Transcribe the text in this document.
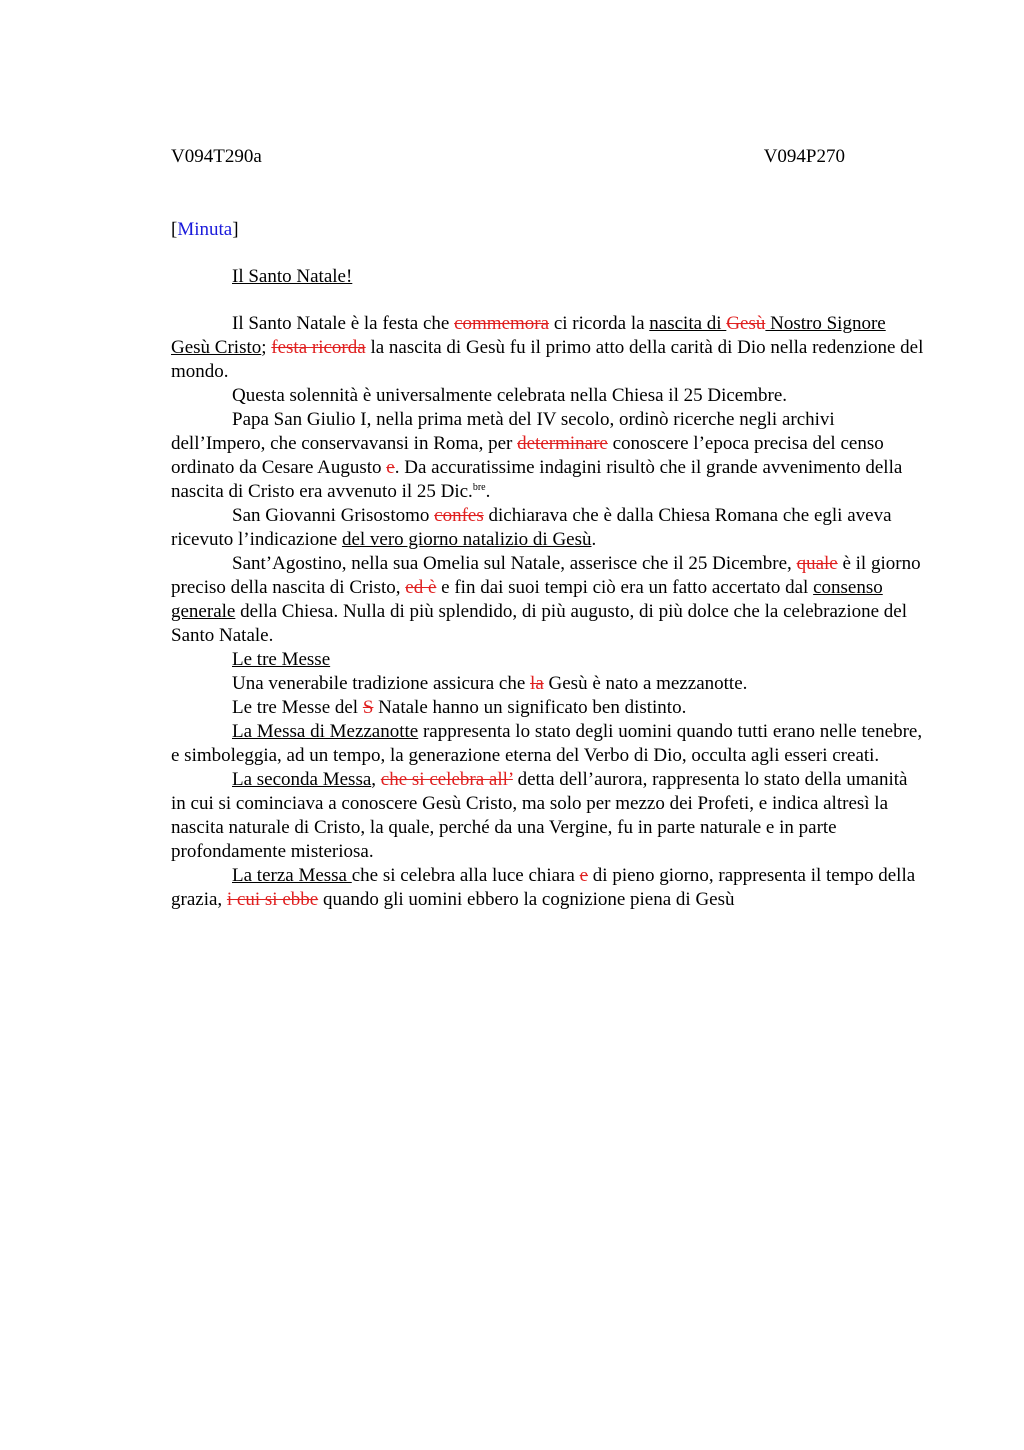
V094T290a	V094P270
[Minuta]
Il Santo Natale!

Il Santo Natale è la festa che commemora ci ricorda la nascita di Gesù Nostro Signore Gesù Cristo; festa ricorda la nascita di Gesù fu il primo atto della carità di Dio nella redenzione del mondo.

Questa solennità è universalmente celebrata nella Chiesa il 25 Dicembre.

Papa San Giulio I, nella prima metà del IV secolo, ordinò ricerche negli archivi dell’Impero, che conservavansi in Roma, per determinare conoscere l’epoca precisa del censo ordinato da Cesare Augusto e. Da accuratissime indagini risultò che il grande avvenimento della nascita di Cristo era avvenuto il 25 Dic.$^{bre}$.

San Giovanni Grisostomo confes dichiarava che è dalla Chiesa Romana che egli aveva ricevuto l’indicazione del vero giorno natalizio di Gesù.

Sant’Agostino, nella sua Omelia sul Natale, asserisce che il 25 Dicembre, quale è il giorno preciso della nascita di Cristo, ed è e fin dai suoi tempi ciò era un fatto accertato dal consenso generale della Chiesa. Nulla di più splendido, di più augusto, di più dolce che la celebrazione del Santo Natale.

Le tre Messe

Una venerabile tradizione assicura che la Gesù è nato a mezzanotte.

Le tre Messe del S Natale hanno un significato ben distinto.

La Messa di Mezzanotte rappresenta lo stato degli uomini quando tutti erano nelle tenebre, e simboleggia, ad un tempo, la generazione eterna del Verbo di Dio, occulta agli esseri creati.

La seconda Messa, che si celebra all’ detta dell’aurora, rappresenta lo stato della umanità in cui si cominciava a conoscere Gesù Cristo, ma solo per mezzo dei Profeti, e indica altresì la nascita naturale di Cristo, la quale, perché da una Vergine, fu in parte naturale e in parte profondamente misteriosa.

La terza Messa che si celebra alla luce chiara e di pieno giorno, rappresenta il tempo della grazia, i cui si ebbe quando gli uomini ebbero la cognizione piena di Gesù
